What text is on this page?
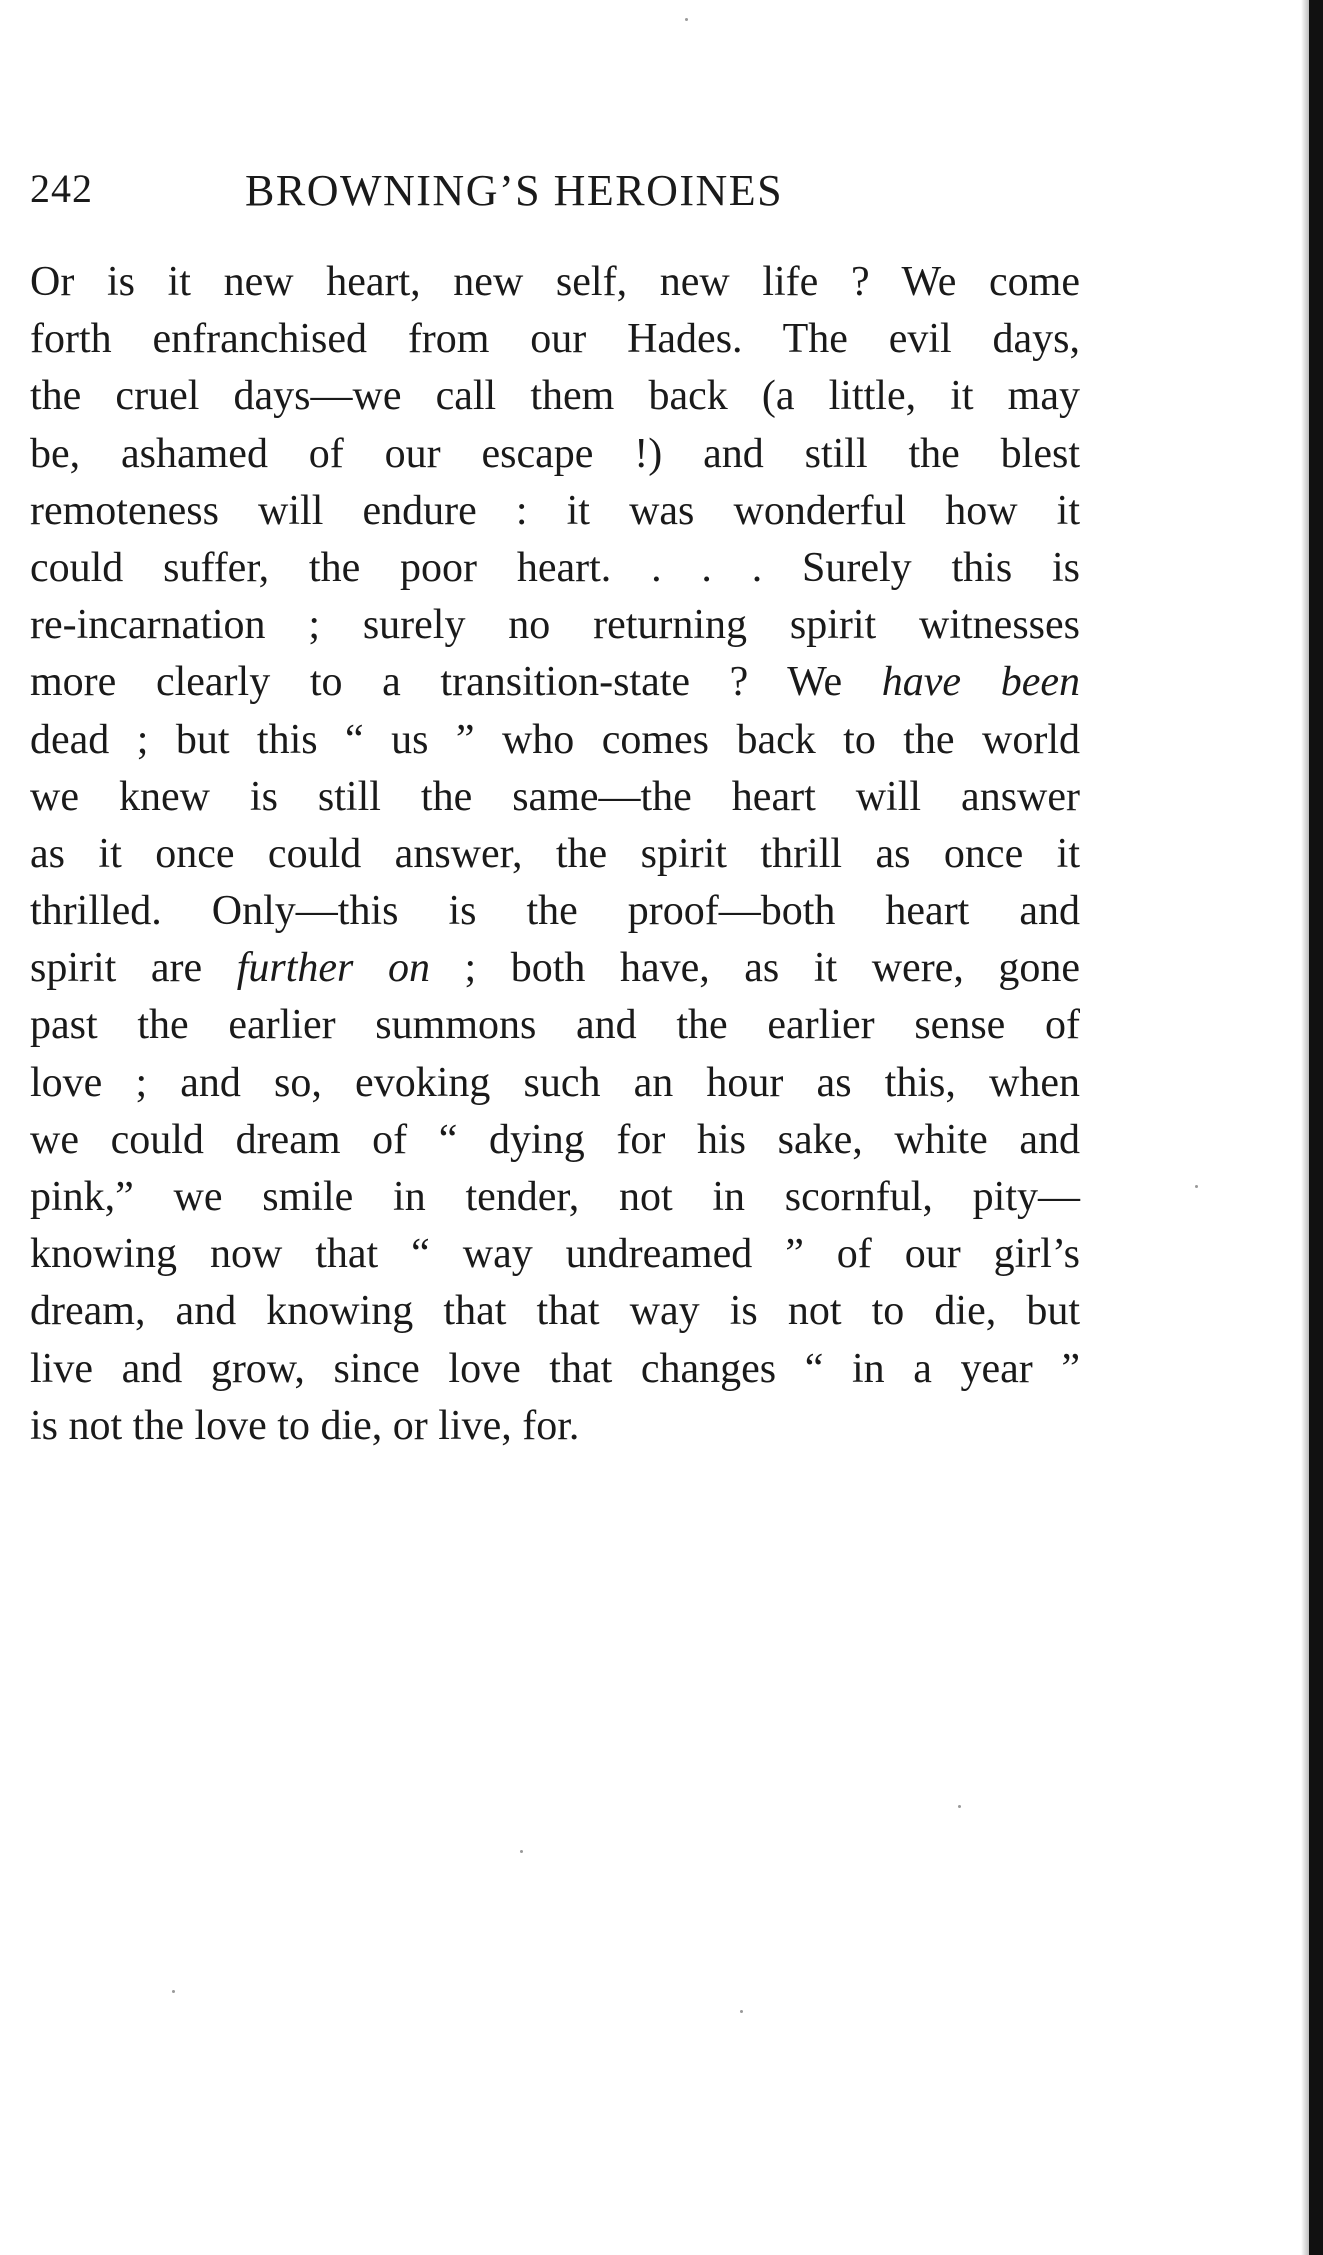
242	BROWNING’S HEROINES

Or is it new heart, new self, new life ? We come
forth enfranchised from our Hades. The evil days,
the cruel days—we call them back (a little, it may
be, ashamed of our escape !) and still the blest
remoteness will endure : it was wonderful how it
could suffer, the poor heart. . . . Surely this is
re-incarnation ; surely no returning spirit witnesses
more clearly to a transition-state ? We have been
dead ; but this “ us ” who comes back to the world
we knew is still the same—the heart will answer
as it once could answer, the spirit thrill as once it
thrilled. Only—this is the proof—both heart and
spirit are further on ; both have, as it were, gone
past the earlier summons and the earlier sense of
love ; and so, evoking such an hour as this, when
we could dream of “ dying for his sake, white and
pink,” we smile in tender, not in scornful, pity—
knowing now that “ way undreamed ” of our girl’s
dream, and knowing that that way is not to die, but
live and grow, since love that changes “ in a year ”
is not the love to die, or live, for.
